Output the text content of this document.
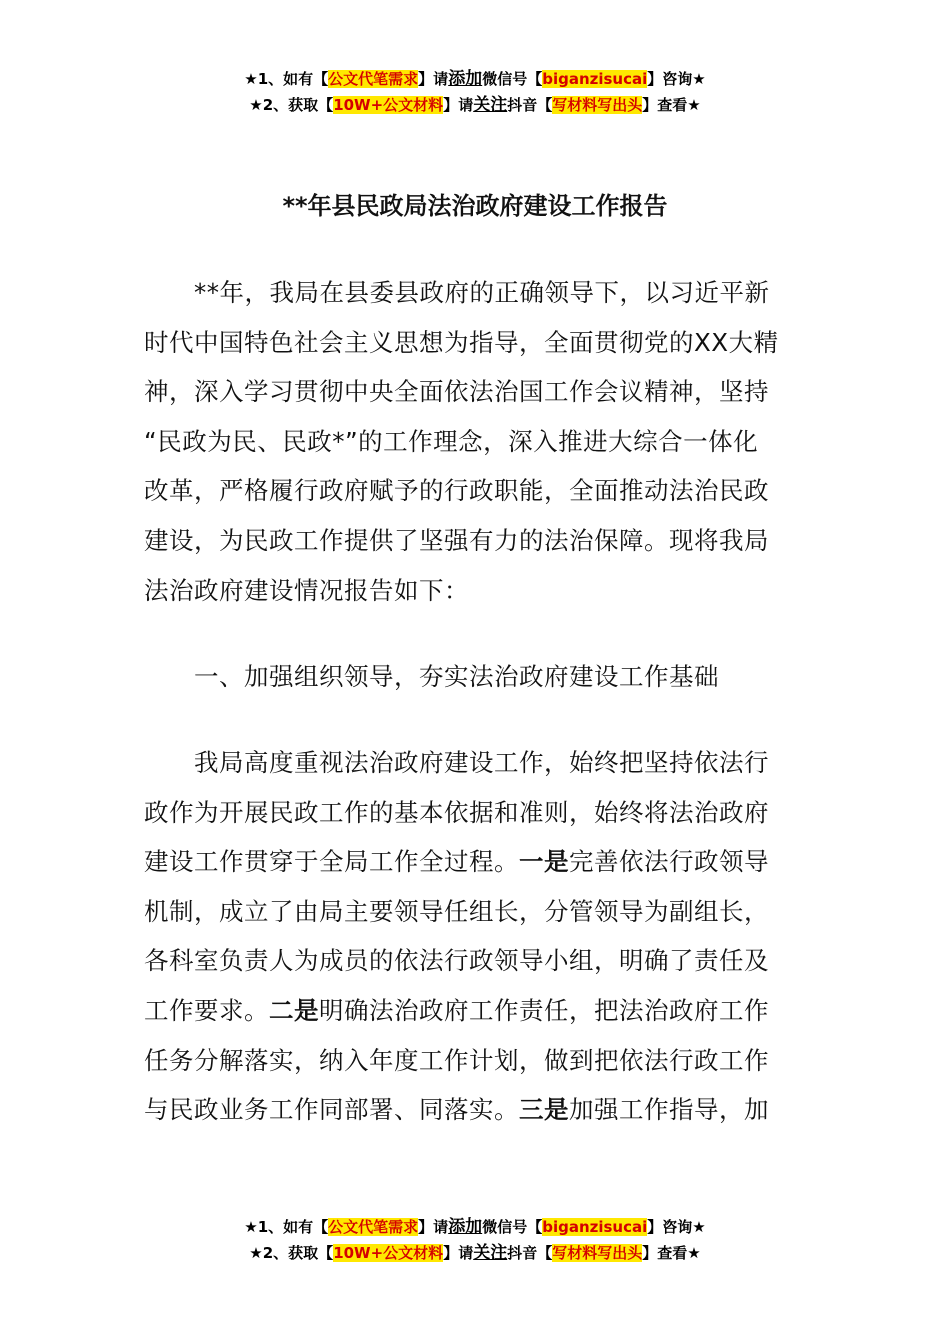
★1、如有【公文代笔需求】请添加微信号【biganzisucai】咨询★
★2、获取【10W+公文材料】请关注抖音【写材料写出头】查看★
**年县民政局法治政府建设工作报告
**年，我局在县委县政府的正确领导下，以习近平新
时代中国特色社会主义思想为指导，全面贯彻党的XX大精
神，深入学习贯彻中央全面依法治国工作会议精神，坚持
“民政为民、民政*”的工作理念，深入推进大综合一体化
改革，严格履行政府赋予的行政职能，全面推动法治民政
建设，为民政工作提供了坚强有力的法治保障。现将我局
法治政府建设情况报告如下：
一、加强组织领导，夯实法治政府建设工作基础
我局高度重视法治政府建设工作，始终把坚持依法行
政作为开展民政工作的基本依据和准则，始终将法治政府
建设工作贯穿于全局工作全过程。一是完善依法行政领导
机制，成立了由局主要领导任组长，分管领导为副组长，
各科室负责人为成员的依法行政领导小组，明确了责任及
工作要求。二是明确法治政府工作责任，把法治政府工作
任务分解落实，纳入年度工作计划，做到把依法行政工作
与民政业务工作同部署、同落实。三是加强工作指导，加
★1、如有【公文代笔需求】请添加微信号【biganzisucai】咨询★
★2、获取【10W+公文材料】请关注抖音【写材料写出头】查看★
